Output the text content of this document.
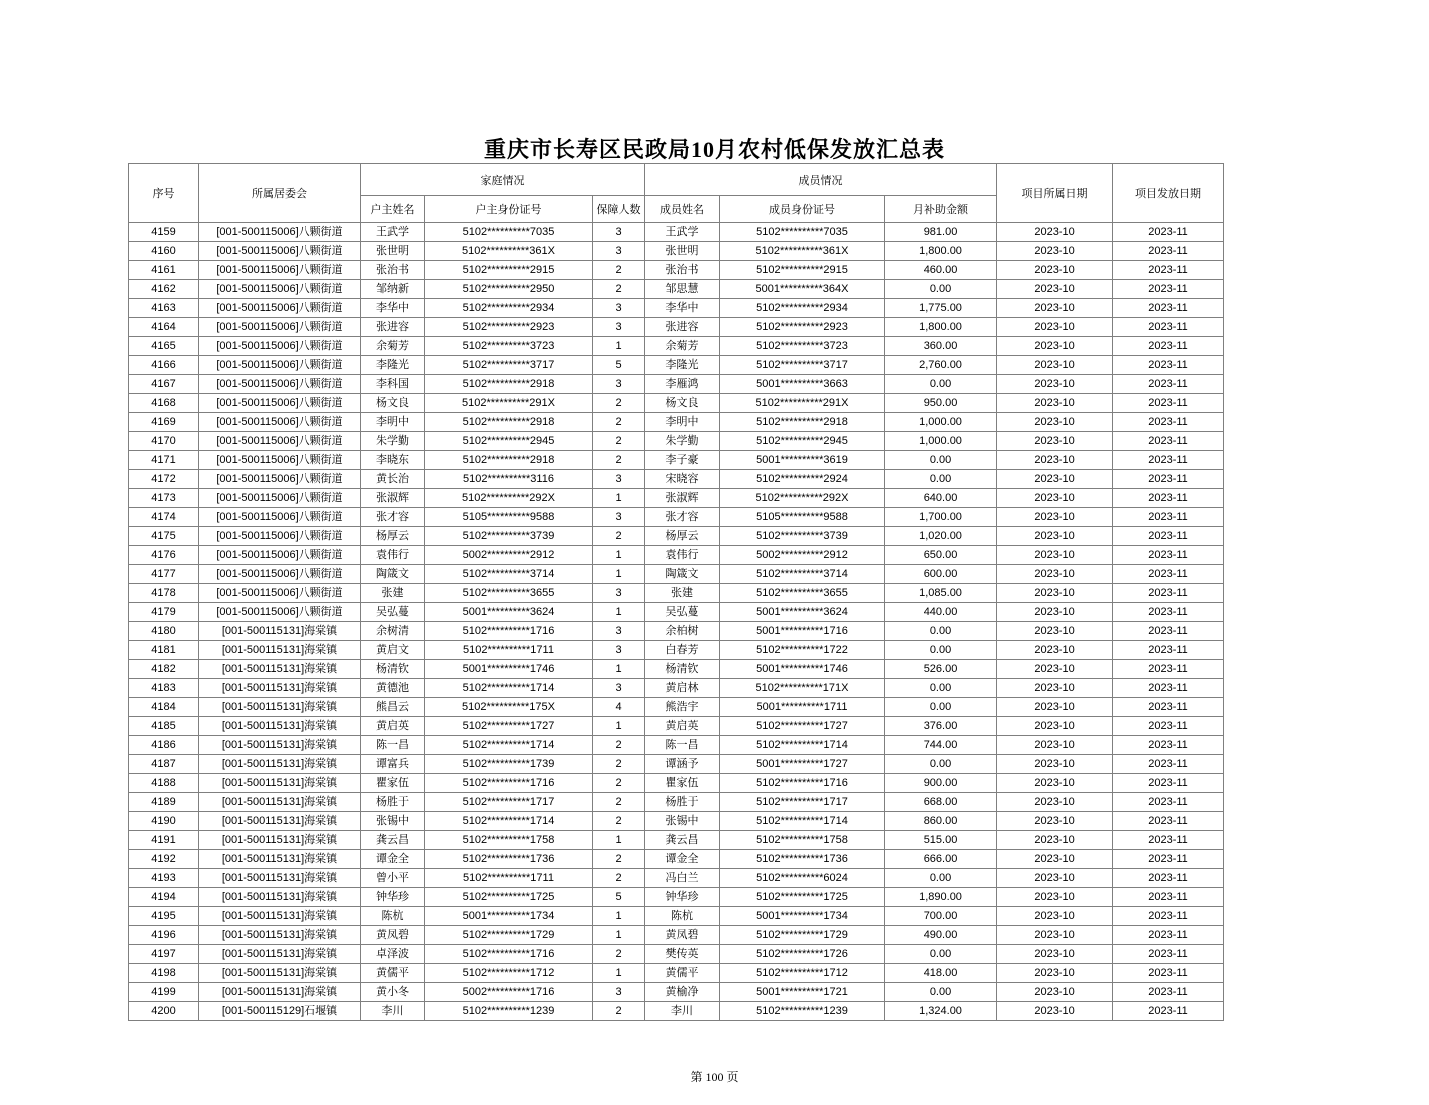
重庆市长寿区民政局10月农村低保发放汇总表
序号	所属居委会	家庭情况			成员情况			项目所属日期	项目发放日期
		户主姓名	户主身份证号	保障人数	成员姓名	成员身份证号	月补助金额		
4159	[001-500115006]八颗街道	王武学	5102**********7035	3	王武学	5102**********7035	981.00	2023-10	2023-11
4160	[001-500115006]八颗街道	张世明	5102**********361X	3	张世明	5102**********361X	1,800.00	2023-10	2023-11
4161	[001-500115006]八颗街道	张治书	5102**********2915	2	张治书	5102**********2915	460.00	2023-10	2023-11
4162	[001-500115006]八颗街道	邹纳新	5102**********2950	2	邹思慧	5001**********364X	0.00	2023-10	2023-11
4163	[001-500115006]八颗街道	李华中	5102**********2934	3	李华中	5102**********2934	1,775.00	2023-10	2023-11
4164	[001-500115006]八颗街道	张进容	5102**********2923	3	张进容	5102**********2923	1,800.00	2023-10	2023-11
4165	[001-500115006]八颗街道	余菊芳	5102**********3723	1	余菊芳	5102**********3723	360.00	2023-10	2023-11
4166	[001-500115006]八颗街道	李隆光	5102**********3717	5	李隆光	5102**********3717	2,760.00	2023-10	2023-11
4167	[001-500115006]八颗街道	李科国	5102**********2918	3	李雁鸿	5001**********3663	0.00	2023-10	2023-11
4168	[001-500115006]八颗街道	杨文良	5102**********291X	2	杨文良	5102**********291X	950.00	2023-10	2023-11
4169	[001-500115006]八颗街道	李明中	5102**********2918	2	李明中	5102**********2918	1,000.00	2023-10	2023-11
4170	[001-500115006]八颗街道	朱学勤	5102**********2945	2	朱学勤	5102**********2945	1,000.00	2023-10	2023-11
4171	[001-500115006]八颗街道	李晓东	5102**********2918	2	李子豪	5001**********3619	0.00	2023-10	2023-11
4172	[001-500115006]八颗街道	黄长治	5102**********3116	3	宋晓容	5102**********2924	0.00	2023-10	2023-11
4173	[001-500115006]八颗街道	张淑辉	5102**********292X	1	张淑辉	5102**********292X	640.00	2023-10	2023-11
4174	[001-500115006]八颗街道	张才容	5105**********9588	3	张才容	5105**********9588	1,700.00	2023-10	2023-11
4175	[001-500115006]八颗街道	杨厚云	5102**********3739	2	杨厚云	5102**********3739	1,020.00	2023-10	2023-11
4176	[001-500115006]八颗街道	袁伟行	5002**********2912	1	袁伟行	5002**********2912	650.00	2023-10	2023-11
4177	[001-500115006]八颗街道	陶箴文	5102**********3714	1	陶箴文	5102**********3714	600.00	2023-10	2023-11
4178	[001-500115006]八颗街道	张建	5102**********3655	3	张建	5102**********3655	1,085.00	2023-10	2023-11
4179	[001-500115006]八颗街道	吴弘蔓	5001**********3624	1	吴弘蔓	5001**********3624	440.00	2023-10	2023-11
4180	[001-500115131]海棠镇	余树清	5102**********1716	3	余柏树	5001**********1716	0.00	2023-10	2023-11
4181	[001-500115131]海棠镇	黄启文	5102**********1711	3	白春芳	5102**********1722	0.00	2023-10	2023-11
4182	[001-500115131]海棠镇	杨清钦	5001**********1746	1	杨清钦	5001**********1746	526.00	2023-10	2023-11
4183	[001-500115131]海棠镇	黄德池	5102**********1714	3	黄启林	5102**********171X	0.00	2023-10	2023-11
4184	[001-500115131]海棠镇	熊昌云	5102**********175X	4	熊浩宇	5001**********1711	0.00	2023-10	2023-11
4185	[001-500115131]海棠镇	黄启英	5102**********1727	1	黄启英	5102**********1727	376.00	2023-10	2023-11
4186	[001-500115131]海棠镇	陈一昌	5102**********1714	2	陈一昌	5102**********1714	744.00	2023-10	2023-11
4187	[001-500115131]海棠镇	谭富兵	5102**********1739	2	谭涵予	5001**********1727	0.00	2023-10	2023-11
4188	[001-500115131]海棠镇	瞿家伍	5102**********1716	2	瞿家伍	5102**********1716	900.00	2023-10	2023-11
4189	[001-500115131]海棠镇	杨胜于	5102**********1717	2	杨胜于	5102**********1717	668.00	2023-10	2023-11
4190	[001-500115131]海棠镇	张锡中	5102**********1714	2	张锡中	5102**********1714	860.00	2023-10	2023-11
4191	[001-500115131]海棠镇	龚云昌	5102**********1758	1	龚云昌	5102**********1758	515.00	2023-10	2023-11
4192	[001-500115131]海棠镇	谭金全	5102**********1736	2	谭金全	5102**********1736	666.00	2023-10	2023-11
4193	[001-500115131]海棠镇	曾小平	5102**********1711	2	冯白兰	5102**********6024	0.00	2023-10	2023-11
4194	[001-500115131]海棠镇	钟华珍	5102**********1725	5	钟华珍	5102**********1725	1,890.00	2023-10	2023-11
4195	[001-500115131]海棠镇	陈杭	5001**********1734	1	陈杭	5001**********1734	700.00	2023-10	2023-11
4196	[001-500115131]海棠镇	黄凤碧	5102**********1729	1	黄凤碧	5102**********1729	490.00	2023-10	2023-11
4197	[001-500115131]海棠镇	卓泽波	5102**********1716	2	樊传英	5102**********1726	0.00	2023-10	2023-11
4198	[001-500115131]海棠镇	黄儒平	5102**********1712	1	黄儒平	5102**********1712	418.00	2023-10	2023-11
4199	[001-500115131]海棠镇	黄小冬	5002**********1716	3	黄榆净	5001**********1721	0.00	2023-10	2023-11
4200	[001-500115129]石堰镇	李川	5102**********1239	2	李川	5102**********1239	1,324.00	2023-10	2023-11
第 100 页
